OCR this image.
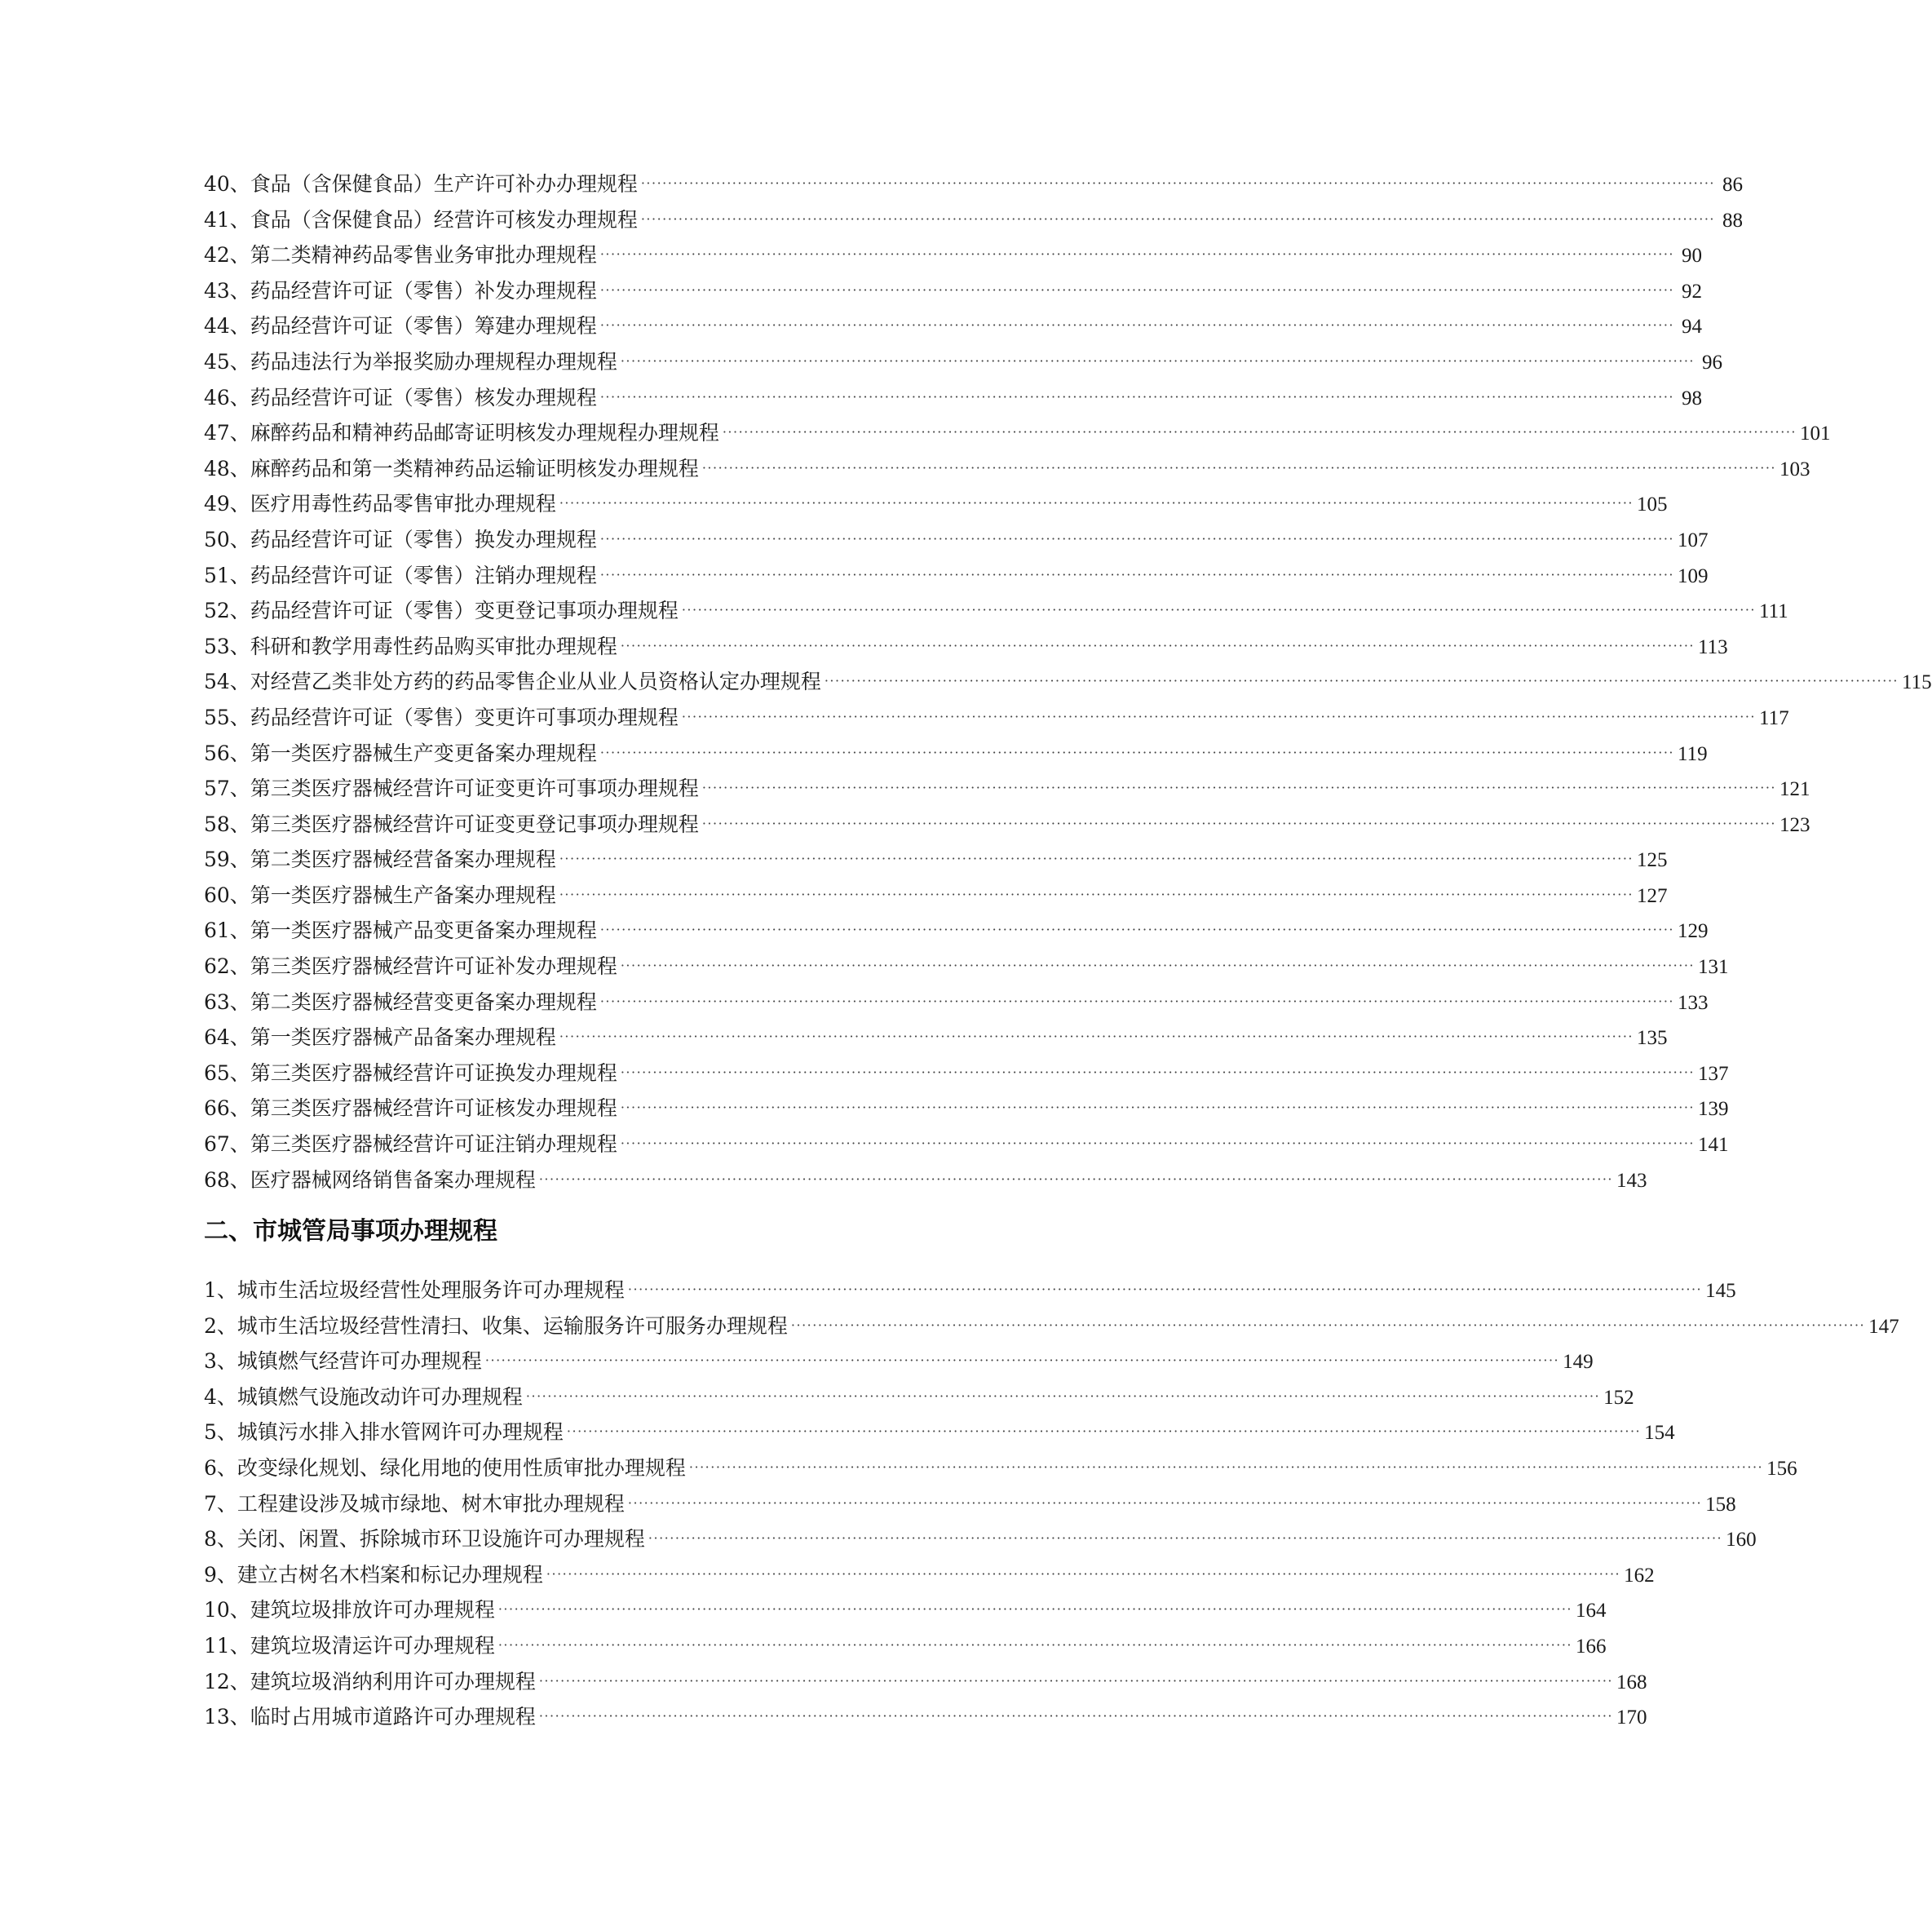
40、食品（含保健食品）生产许可补办办理规程 ········································································································································································································ 86
41、食品（含保健食品）经营许可核发办理规程 ········································································································································································································ 88
42、第二类精神药品零售业务审批办理规程 ········································································································································································································ 90
43、药品经营许可证（零售）补发办理规程 ········································································································································································································ 92
44、药品经营许可证（零售）筹建办理规程 ········································································································································································································ 94
45、药品违法行为举报奖励办理规程办理规程 ········································································································································································································ 96
46、药品经营许可证（零售）核发办理规程 ········································································································································································································ 98
47、麻醉药品和精神药品邮寄证明核发办理规程办理规程 ········································································································································································································ 101
48、麻醉药品和第一类精神药品运输证明核发办理规程 ········································································································································································································ 103
49、医疗用毒性药品零售审批办理规程 ········································································································································································································ 105
50、药品经营许可证（零售）换发办理规程 ········································································································································································································ 107
51、药品经营许可证（零售）注销办理规程 ········································································································································································································ 109
52、药品经营许可证（零售）变更登记事项办理规程 ········································································································································································································ 111
53、科研和教学用毒性药品购买审批办理规程 ········································································································································································································ 113
54、对经营乙类非处方药的药品零售企业从业人员资格认定办理规程 ········································································································································································································ 115
55、药品经营许可证（零售）变更许可事项办理规程 ········································································································································································································ 117
56、第一类医疗器械生产变更备案办理规程 ········································································································································································································ 119
57、第三类医疗器械经营许可证变更许可事项办理规程 ········································································································································································································ 121
58、第三类医疗器械经营许可证变更登记事项办理规程 ········································································································································································································ 123
59、第二类医疗器械经营备案办理规程 ········································································································································································································ 125
60、第一类医疗器械生产备案办理规程 ········································································································································································································ 127
61、第一类医疗器械产品变更备案办理规程 ········································································································································································································ 129
62、第三类医疗器械经营许可证补发办理规程 ········································································································································································································ 131
63、第二类医疗器械经营变更备案办理规程 ········································································································································································································ 133
64、第一类医疗器械产品备案办理规程 ········································································································································································································ 135
65、第三类医疗器械经营许可证换发办理规程 ········································································································································································································ 137
66、第三类医疗器械经营许可证核发办理规程 ········································································································································································································ 139
67、第三类医疗器械经营许可证注销办理规程 ········································································································································································································ 141
68、医疗器械网络销售备案办理规程 ········································································································································································································ 143
二、市城管局事项办理规程
1、城市生活垃圾经营性处理服务许可办理规程 ········································································································································································································ 145
2、城市生活垃圾经营性清扫、收集、运输服务许可服务办理规程 ········································································································································································································ 147
3、城镇燃气经营许可办理规程 ········································································································································································································ 149
4、城镇燃气设施改动许可办理规程 ········································································································································································································ 152
5、城镇污水排入排水管网许可办理规程 ········································································································································································································ 154
6、改变绿化规划、绿化用地的使用性质审批办理规程 ········································································································································································································ 156
7、工程建设涉及城市绿地、树木审批办理规程 ········································································································································································································ 158
8、关闭、闲置、拆除城市环卫设施许可办理规程 ········································································································································································································ 160
9、建立古树名木档案和标记办理规程 ········································································································································································································ 162
10、建筑垃圾排放许可办理规程 ········································································································································································································ 164
11、建筑垃圾清运许可办理规程 ········································································································································································································ 166
12、建筑垃圾消纳利用许可办理规程 ········································································································································································································ 168
13、临时占用城市道路许可办理规程 ········································································································································································································ 170
